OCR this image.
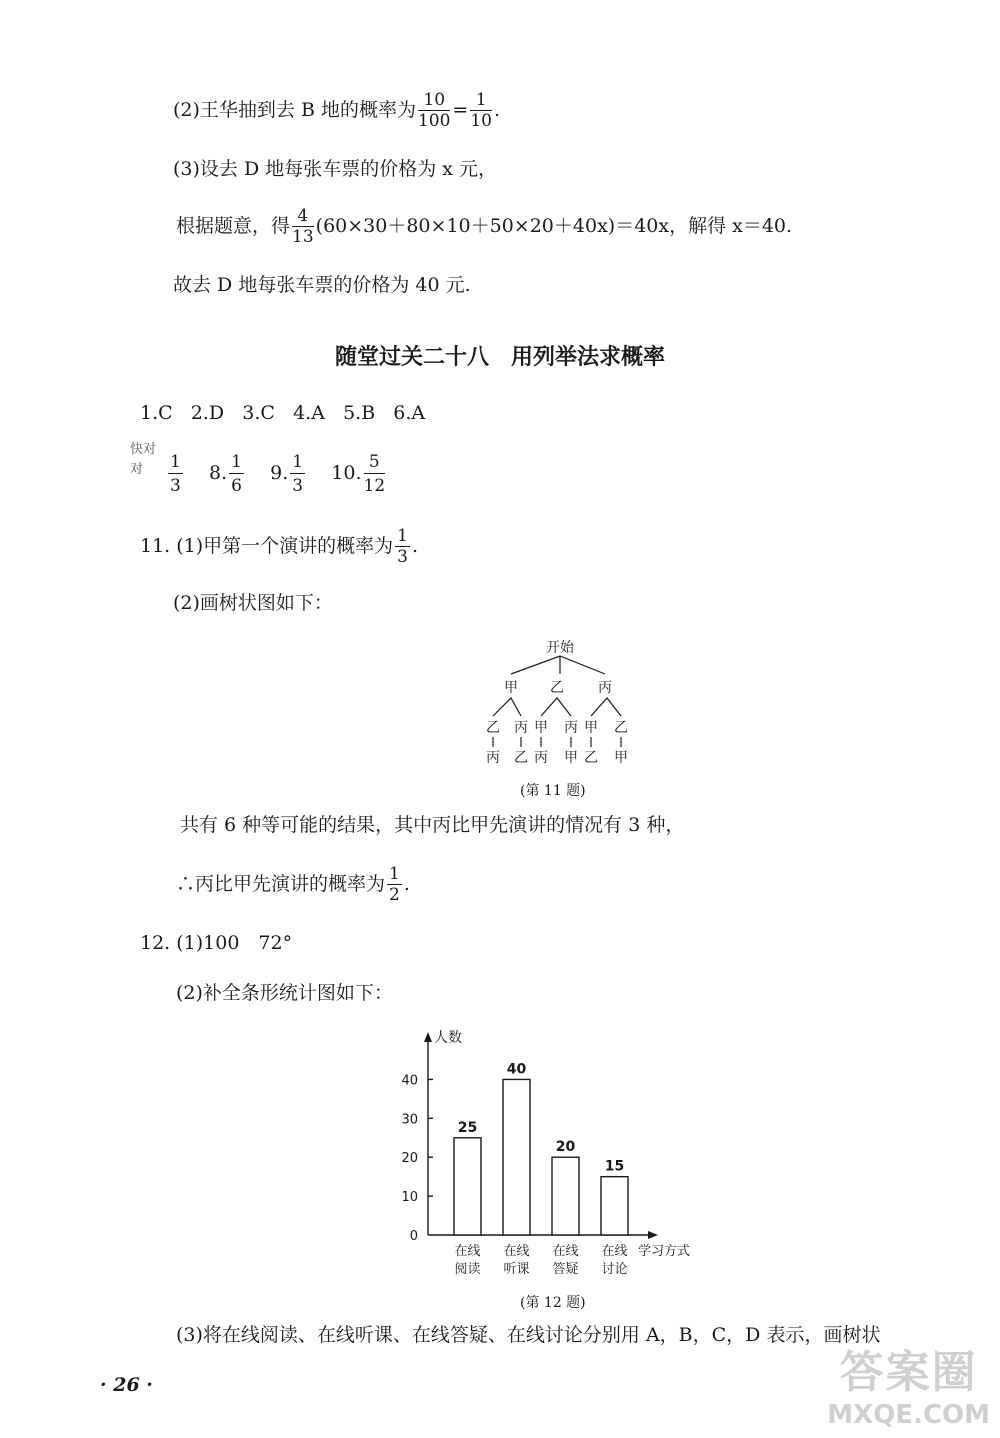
(2)王华抽到去 B 地的概率为 $\frac{10}{100} = \frac{1}{10}$ .
(3)设去 D 地每张车票的价格为 x 元，
根据题意，得 $\frac{4}{13} (60\times 30+80\times 10+50\times 20+40x)=40x$，解得 x＝40.
故去 D 地每张车票的价格为 40 元.
随堂过关二十八　用列举法求概率
1.C 2.D 3.C 4.A 5.B 6.A
快对
对	$\frac{1}{3} 8$. $\frac{1}{6} 9$. $\frac{1}{3} 10$. $\frac{5}{12}$
11. (1)甲第一个演讲的概率为 $\frac{1}{3}$ .
(2)画树状图如下：
开始
甲 乙 丙
乙 丙 甲 丙 甲 乙
丙 乙 丙 甲 乙 甲
(第 11 题)
共有 6 种等可能的结果，其中丙比甲先演讲的情况有 3 种，
∴丙比甲先演讲的概率为 $\frac{1}{2}$ .
12. (1)100　72°
(2)补全条形统计图如下：
0
10
20
30
40
人数
学习方式
25
在线
阅读
40
在线
听课
20
在线
答疑
15
在线
讨论
(第 12 题)
(3)将在线阅读、在线听课、在线答疑、在线讨论分别用 A，B，C，D 表示，画树状
· 26 ·	答案圈
MXQE.COM
